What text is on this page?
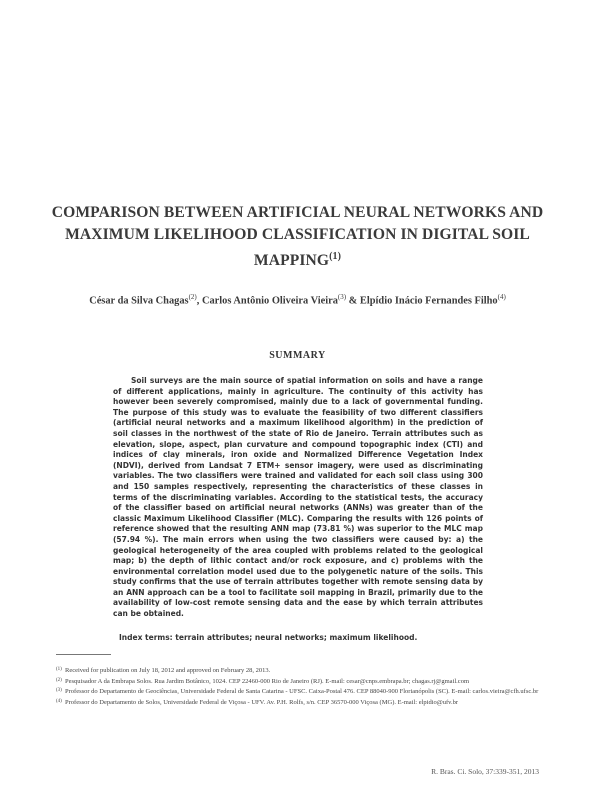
COMPARISON BETWEEN ARTIFICIAL NEURAL NETWORKS AND MAXIMUM LIKELIHOOD CLASSIFICATION IN DIGITAL SOIL MAPPING$^{(1)}$
César da Silva Chagas$^{(2)}$, Carlos Antônio Oliveira Vieira$^{(3)}$ & Elpídio Inácio Fernandes Filho$^{(4)}$
SUMMARY

Soil surveys are the main source of spatial information on soils and have a range of different applications, mainly in agriculture. The continuity of this activity has however been severely compromised, mainly due to a lack of governmental funding. The purpose of this study was to evaluate the feasibility of two different classifiers (artificial neural networks and a maximum likelihood algorithm) in the prediction of soil classes in the northwest of the state of Rio de Janeiro. Terrain attributes such as elevation, slope, aspect, plan curvature and compound topographic index (CTI) and indices of clay minerals, iron oxide and Normalized Difference Vegetation Index (NDVI), derived from Landsat 7 ETM+ sensor imagery, were used as discriminating variables. The two classifiers were trained and validated for each soil class using 300 and 150 samples respectively, representing the characteristics of these classes in terms of the discriminating variables. According to the statistical tests, the accuracy of the classifier based on artificial neural networks (ANNs) was greater than of the classic Maximum Likelihood Classifier (MLC). Comparing the results with 126 points of reference showed that the resulting ANN map (73.81 %) was superior to the MLC map (57.94 %). The main errors when using the two classifiers were caused by: a) the geological heterogeneity of the area coupled with problems related to the geological map; b) the depth of lithic contact and/or rock exposure, and c) problems with the environmental correlation model used due to the polygenetic nature of the soils. This study confirms that the use of terrain attributes together with remote sensing data by an ANN approach can be a tool to facilitate soil mapping in Brazil, primarily due to the availability of low-cost remote sensing data and the ease by which terrain attributes can be obtained.

Index terms: terrain attributes; neural networks; maximum likelihood.

(1) Received for publication on July 18, 2012 and approved on February 28, 2013.
(2) Pesquisador A da Embrapa Solos. Rua Jardim Botânico, 1024. CEP 22460-000 Rio de Janeiro (RJ). E-mail: cesar@cnps.embrapa.br; chagas.rj@gmail.com
(3) Professor do Departamento de Geociências, Universidade Federal de Santa Catarina - UFSC. Caixa-Postal 476. CEP 88040-900 Florianópolis (SC). E-mail: carlos.vieira@cfh.ufsc.br
(4) Professor do Departamento de Solos, Universidade Federal de Viçosa - UFV. Av. P.H. Rolfs, s/n. CEP 36570-000 Viçosa (MG). E-mail: elpidio@ufv.br
R. Bras. Ci. Solo, 37:339-351, 2013
